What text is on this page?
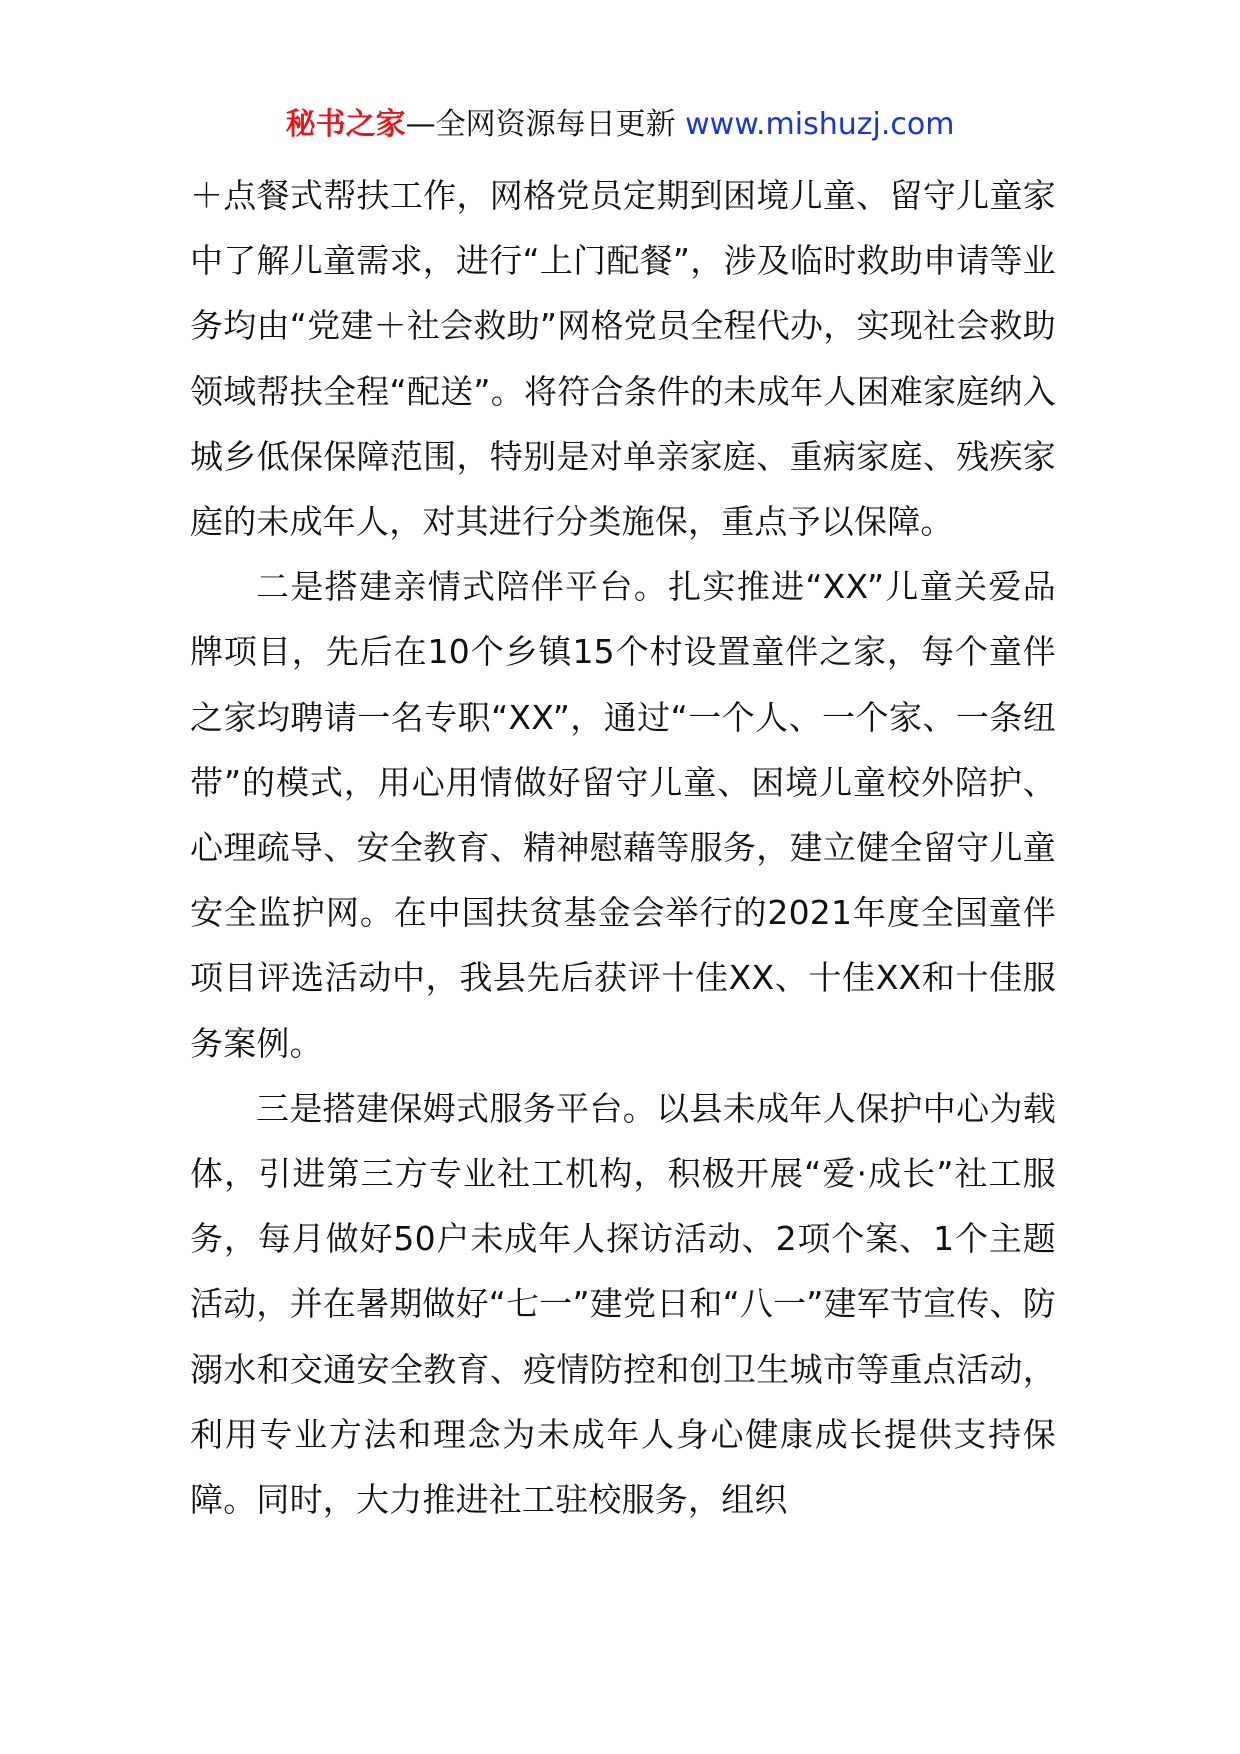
秘书之家—全网资源每日更新 www.mishuzj.com

＋点餐式帮扶工作，网格党员定期到困境儿童、留守儿童家中了解儿童需求，进行“上门配餐”，涉及临时救助申请等业务均由“党建＋社会救助”网格党员全程代办，实现社会救助领域帮扶全程“配送”。将符合条件的未成年人困难家庭纳入城乡低保保障范围，特别是对单亲家庭、重病家庭、残疾家庭的未成年人，对其进行分类施保，重点予以保障。

二是搭建亲情式陪伴平台。扎实推进“XX”儿童关爱品牌项目，先后在10个乡镇15个村设置童伴之家，每个童伴之家均聘请一名专职“XX”，通过“一个人、一个家、一条纽带”的模式，用心用情做好留守儿童、困境儿童校外陪护、心理疏导、安全教育、精神慰藉等服务，建立健全留守儿童安全监护网。在中国扶贫基金会举行的2021年度全国童伴项目评选活动中，我县先后获评十佳XX、十佳XX和十佳服务案例。

三是搭建保姆式服务平台。以县未成年人保护中心为载体，引进第三方专业社工机构，积极开展“爱·成长”社工服务，每月做好50户未成年人探访活动、2项个案、1个主题活动，并在暑期做好“七一”建党日和“八一”建军节宣传、防溺水和交通安全教育、疫情防控和创卫生城市等重点活动，利用专业方法和理念为未成年人身心健康成长提供支持保障。同时，大力推进社工驻校服务，组织
